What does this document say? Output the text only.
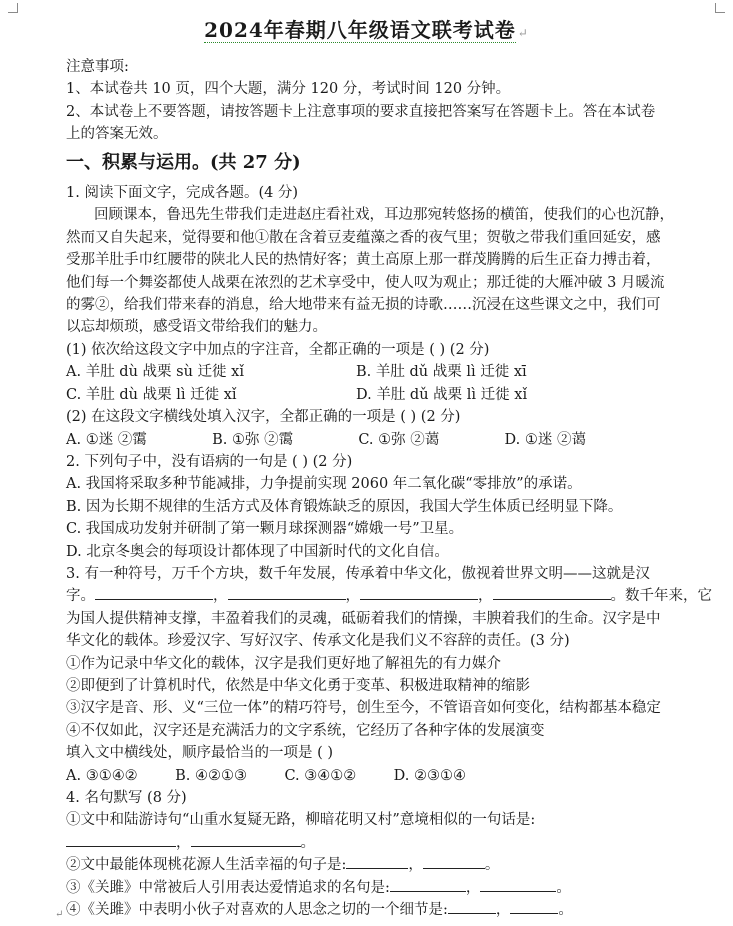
↵
2024年春期八年级语文联考试卷 ↵
注意事项:
1、本试卷共 10 页，四个大题，满分 120 分，考试时间 120 分钟。
2、本试卷上不要答题，请按答题卡上注意事项的要求直接把答案写在答题卡上。答在本试卷
上的答案无效。
一、积累与运用。(共 27 分)
1. 阅读下面文字，完成各题。(4 分)
回顾课本，鲁迅先生带我们走进赵庄看社戏，耳边那宛转悠扬的横笛，使我们的心也沉静，
然而又自失起来，觉得要和他①散在含着豆麦蕴藻之香的夜气里；贺敬之带我们重回延安，感
受那羊肚手巾红腰带的陕北人民的热情好客；黄土高原上那一群茂腾腾的后生正奋力搏击着，
他们每一个舞姿都使人战栗在浓烈的艺术享受中，使人叹为观止；那迁徙的大雁冲破 3 月暖流
的雾②，给我们带来春的消息，给大地带来有益无损的诗歌……沉浸在这些课文之中，我们可
以忘却烦琐，感受语文带给我们的魅力。
(1) 依次给这段文字中加点的字注音，全都正确的一项是 ( ) (2 分)
A. 羊肚 dù 战栗 sù 迁徙 xǐ	B. 羊肚 dǔ 战栗 lì 迁徙 xī
C. 羊肚 dù 战栗 lì 迁徙 xǐ	D. 羊肚 dǔ 战栗 lì 迁徙 xǐ
(2) 在这段文字横线处填入汉字，全都正确的一项是 ( ) (2 分)
A. ①迷 ②霭	B. ①弥 ②霭	C. ①弥 ②蔼	D. ①迷 ②蔼
2. 下列句子中，没有语病的一句是 ( ) (2 分)
A. 我国将采取多种节能减排，力争提前实现 2060 年二氧化碳“零排放”的承诺。
B. 因为长期不规律的生活方式及体育锻炼缺乏的原因，我国大学生体质已经明显下降。
C. 我国成功发射并研制了第一颗月球探测器“嫦娥一号”卫星。
D. 北京冬奥会的每项设计都体现了中国新时代的文化自信。
3. 有一种符号，万千个方块，数千年发展，传承着中华文化，傲视着世界文明——这就是汉
字。	，	，	，	。数千年来，它
为国人提供精神支撑，丰盈着我们的灵魂，砥砺着我们的情操，丰腴着我们的生命。汉字是中
华文化的载体。珍爱汉字、写好汉字、传承文化是我们义不容辞的责任。(3 分)
①作为记录中华文化的载体，汉字是我们更好地了解祖先的有力媒介
②即便到了计算机时代，依然是中华文化勇于变革、积极进取精神的缩影
③汉字是音、形、义“三位一体”的精巧符号，创生至今，不管语音如何变化，结构都基本稳定
④不仅如此，汉字还是充满活力的文字系统，它经历了各种字体的发展演变
填入文中横线处，顺序最恰当的一项是 ( )
A. ③①④②	B. ④②①③	C. ③④①②	D. ②③①④
4. 名句默写 (8 分)
①文中和陆游诗句“山重水复疑无路，柳暗花明又村”意境相似的一句话是:
，	。
②文中最能体现桃花源人生活幸福的句子是:	，	。
③《关雎》中常被后人引用表达爱情追求的名句是:	，	。
④《关雎》中表明小伙子对喜欢的人思念之切的一个细节是:	，	。
